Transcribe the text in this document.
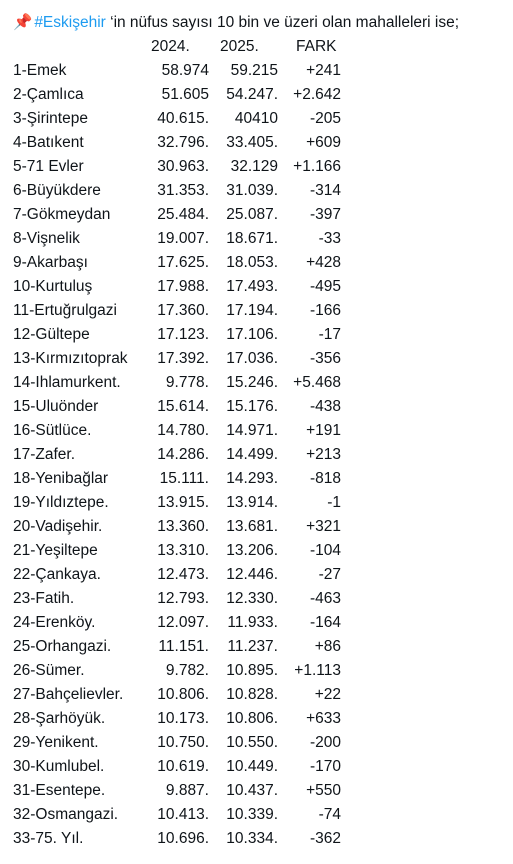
📌 #Eskişehir ‘in nüfus sayısı 10 bin ve üzeri olan mahalleleri ise;
2024. 2025. FARK
1-Emek	58.974 59.215 +241
2-Çamlıca	51.605 54.247. +2.642
3-Şirintepe	40.615. 40410 -205
4-Batıkent	32.796. 33.405. +609
5-71 Evler	30.963. 32.129 +1.166
6-Büyükdere	31.353. 31.039. -314
7-Gökmeydan	25.484. 25.087. -397
8-Vişnelik	19.007. 18.671.	-33
9-Akarbaşı	17.625. 18.053. +428
10-Kurtuluş	17.988. 17.493. -495
11-Ertuğrulgazi	17.360. 17.194. -166
12-Gültepe	17.123. 17.106.	-17
13-Kırmızıtoprak 17.392. 17.036. -356
14-Ihlamurkent.	9.778. 15.246. +5.468
15-Uluönder	15.614. 15.176. -438
16-Sütlüce.	14.780. 14.971. +191
17-Zafer.	14.286. 14.499. +213
18-Yenibağlar	15.111. 14.293. -818
19-Yıldıztepe.	13.915. 13.914.	-1
20-Vadişehir.	13.360. 13.681. +321
21-Yeşiltepe	13.310. 13.206. -104
22-Çankaya.	12.473. 12.446.	-27
23-Fatih.	12.793. 12.330. -463
24-Erenköy.	12.097. 11.933. -164
25-Orhangazi.	11.151. 11.237. +86
26-Sümer.	9.782. 10.895. +1.113
27-Bahçelievler. 10.806. 10.828. +22
28-Şarhöyük.	10.173. 10.806. +633
29-Yenikent.	10.750. 10.550. -200
30-Kumlubel.	10.619. 10.449. -170
31-Esentepe.	9.887. 10.437. +550
32-Osmangazi.	10.413. 10.339.	-74
33-75. Yıl.	10.696. 10.334. -362
